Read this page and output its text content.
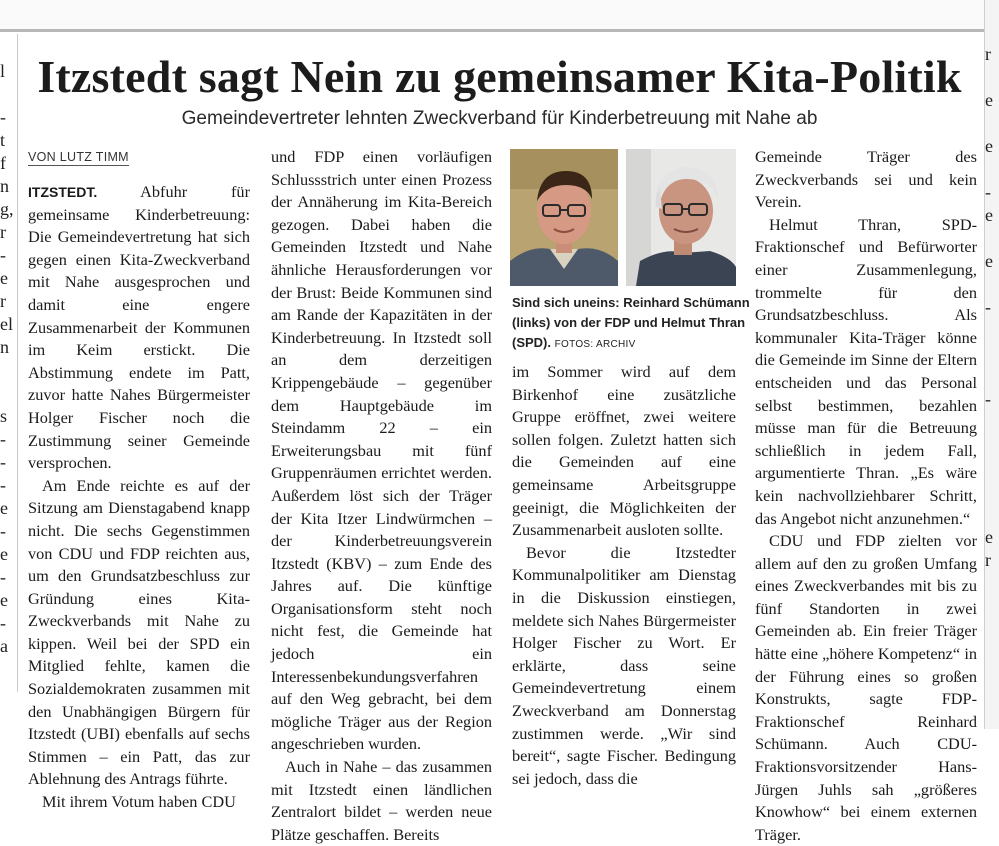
Itzstedt sagt Nein zu gemeinsamer Kita-Politik
Gemeindevertreter lehnten Zweckverband für Kinderbetreuung mit Nahe ab
l
-
t
f
n
g,
r
-
e
r
el
n
s
-
-
-
e
-
e
-
e
-
a
VON LUTZ TIMM

ITZSTEDT. Abfuhr für gemeinsame Kinderbetreuung: Die Gemeindevertretung hat sich gegen einen Kita-Zweckverband mit Nahe ausgesprochen und damit eine engere Zusammenarbeit der Kommunen im Keim erstickt. Die Abstimmung endete im Patt, zuvor hatte Nahes Bürgermeister Holger Fischer noch die Zustimmung seiner Gemeinde versprochen.

Am Ende reichte es auf der Sitzung am Dienstagabend knapp nicht. Die sechs Gegenstimmen von CDU und FDP reichten aus, um den Grundsatzbeschluss zur Gründung eines Kita-Zweckverbands mit Nahe zu kippen. Weil bei der SPD ein Mitglied fehlte, kamen die Sozialdemokraten zusammen mit den Unabhängigen Bürgern für Itzstedt (UBI) ebenfalls auf sechs Stimmen – ein Patt, das zur Ablehnung des Antrags führte.

Mit ihrem Votum haben CDU

und FDP einen vorläufigen Schlussstrich unter einen Prozess der Annäherung im Kita-Bereich gezogen. Dabei haben die Gemeinden Itzstedt und Nahe ähnliche Herausforderungen vor der Brust: Beide Kommunen sind am Rande der Kapazitäten in der Kinderbetreuung. In Itzstedt soll an dem derzeitigen Krippengebäude – gegenüber dem Hauptgebäude im Steindamm 22 – ein Erweiterungsbau mit fünf Gruppenräumen errichtet werden. Außerdem löst sich der Träger der Kita Itzer Lindwürmchen – der Kinderbetreuungsverein Itzstedt (KBV) – zum Ende des Jahres auf. Die künftige Organisationsform steht noch nicht fest, die Gemeinde hat jedoch ein Interessenbekundungsverfahren auf den Weg gebracht, bei dem mögliche Träger aus der Region angeschrieben wurden.

Auch in Nahe – das zusammen mit Itzstedt einen ländlichen Zentralort bildet – werden neue Plätze geschaffen. Bereits

Sind sich uneins: Reinhard Schümann (links) von der FDP und Helmut Thran (SPD). FOTOS: ARCHIV

im Sommer wird auf dem Birkenhof eine zusätzliche Gruppe eröffnet, zwei weitere sollen folgen. Zuletzt hatten sich die Gemeinden auf eine gemeinsame Arbeitsgruppe geeinigt, die Möglichkeiten der Zusammenarbeit ausloten sollte.

Bevor die Itzstedter Kommunalpolitiker am Dienstag in die Diskussion einstiegen, meldete sich Nahes Bürgermeister Holger Fischer zu Wort. Er erklärte, dass seine Gemeindevertretung einem Zweckverband am Donnerstag zustimmen werde. „Wir sind bereit“, sagte Fischer. Bedingung sei jedoch, dass die

Gemeinde Träger des Zweckverbands sei und kein Verein.

Helmut Thran, SPD-Fraktionschef und Befürworter einer Zusammenlegung, trommelte für den Grundsatzbeschluss. Als kommunaler Kita-Träger könne die Gemeinde im Sinne der Eltern entscheiden und das Personal selbst bestimmen, bezahlen müsse man für die Betreuung schließlich in jedem Fall, argumentierte Thran. „Es wäre kein nachvollziehbarer Schritt, das Angebot nicht anzunehmen.“

CDU und FDP zielten vor allem auf den zu großen Umfang eines Zweckverbandes mit bis zu fünf Standorten in zwei Gemeinden ab. Ein freier Träger hätte eine „höhere Kompetenz“ in der Führung eines so großen Konstrukts, sagte FDP-Fraktionschef Reinhard Schümann. Auch CDU-Fraktionsvorsitzender Hans-Jürgen Juhls sah „größeres Knowhow“ bei einem externen Träger.

r
e
e
-
e
e
-
-
e
r
